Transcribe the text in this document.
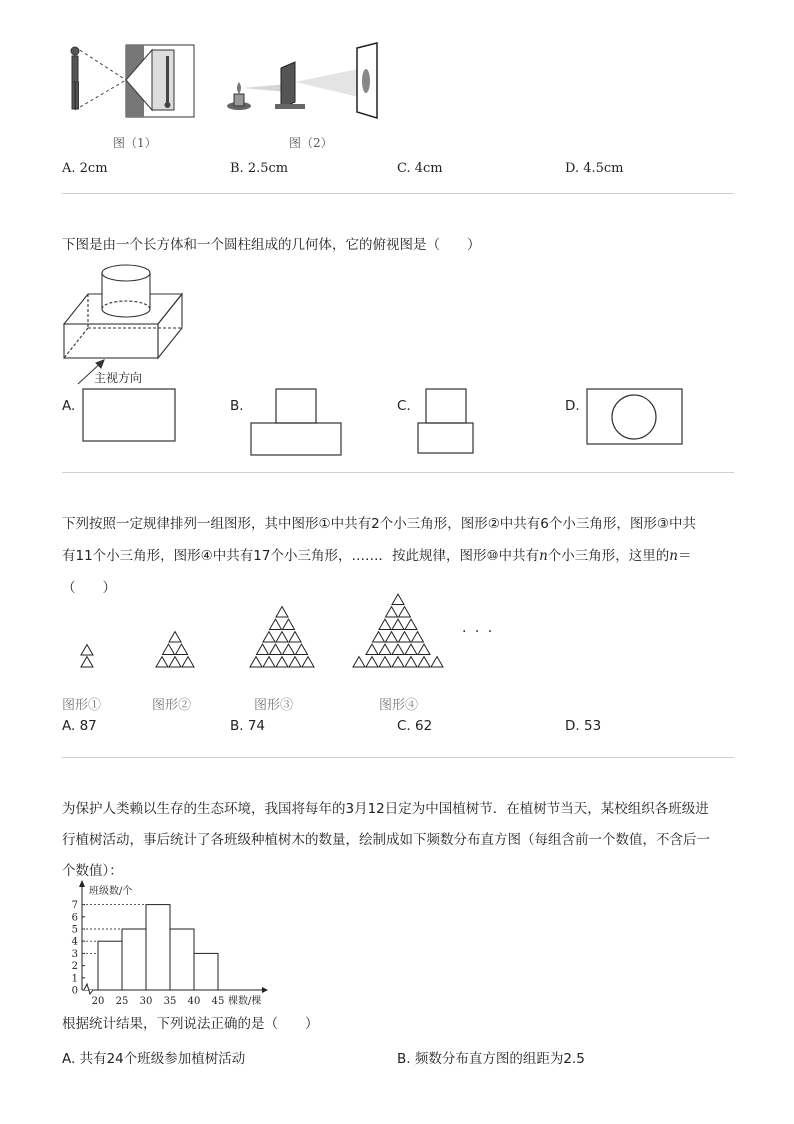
图（1）	图（2）
A. 2cm	B. 2.5cm	C. 4cm	D. 4.5cm
下图是由一个长方体和一个圆柱组成的几何体，它的俯视图是（　　）
主视方向
A.	B.	C.	D.
下列按照一定规律排列一组图形，其中图形①中共有2个小三角形，图形②中共有6个小三角形，图形③中共
有11个小三角形，图形④中共有17个小三角形，……．按此规律，图形⑩中共有n个小三角形，这里的n＝
（　　）
· · ·
图形①	图形②	图形③	图形④
A. 87	B. 74	C. 62	D. 53
为保护人类赖以生存的生态环境，我国将每年的3月12日定为中国植树节．在植树节当天，某校组织各班级进
行植树活动，事后统计了各班级种植树木的数量，绘制成如下频数分布直方图（每组含前一个数值，不含后一
个数值）：
0
1
2
3
4
5
6
7
20 25 30 35 40 45
班级数/个
棵数/棵
根据统计结果，下列说法正确的是（　　）
A. 共有24个班级参加植树活动	B. 频数分布直方图的组距为2.5
